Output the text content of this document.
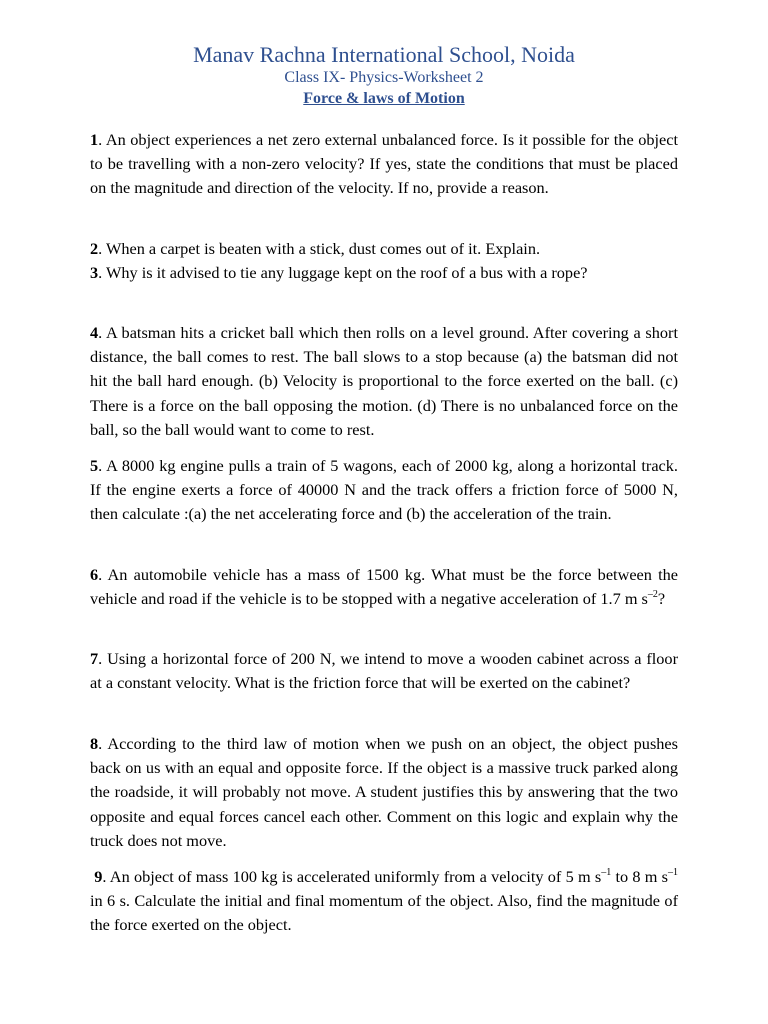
Manav Rachna International School, Noida
Class IX- Physics-Worksheet 2
Force & laws of Motion
1. An object experiences a net zero external unbalanced force. Is it possible for the object to be travelling with a non-zero velocity? If yes, state the conditions that must be placed on the magnitude and direction of the velocity. If no, provide a reason.
2. When a carpet is beaten with a stick, dust comes out of it. Explain.
3. Why is it advised to tie any luggage kept on the roof of a bus with a rope?
4. A batsman hits a cricket ball which then rolls on a level ground. After covering a short distance, the ball comes to rest. The ball slows to a stop because (a) the batsman did not hit the ball hard enough. (b) Velocity is proportional to the force exerted on the ball. (c) There is a force on the ball opposing the motion. (d) There is no unbalanced force on the ball, so the ball would want to come to rest.
5. A 8000 kg engine pulls a train of 5 wagons, each of 2000 kg, along a horizontal track. If the engine exerts a force of 40000 N and the track offers a friction force of 5000 N, then calculate :(a) the net accelerating force and (b) the acceleration of the train.
6. An automobile vehicle has a mass of 1500 kg. What must be the force between the vehicle and road if the vehicle is to be stopped with a negative acceleration of 1.7 m $s^{-2}$?
7. Using a horizontal force of 200 N, we intend to move a wooden cabinet across a floor at a constant velocity. What is the friction force that will be exerted on the cabinet?
8. According to the third law of motion when we push on an object, the object pushes back on us with an equal and opposite force. If the object is a massive truck parked along the roadside, it will probably not move. A student justifies this by answering that the two opposite and equal forces cancel each other. Comment on this logic and explain why the truck does not move.
9. An object of mass 100 kg is accelerated uniformly from a velocity of 5 m $s^{-1}$ to 8 m $s^{-1}$ in 6 s. Calculate the initial and final momentum of the object. Also, find the magnitude of the force exerted on the object.
